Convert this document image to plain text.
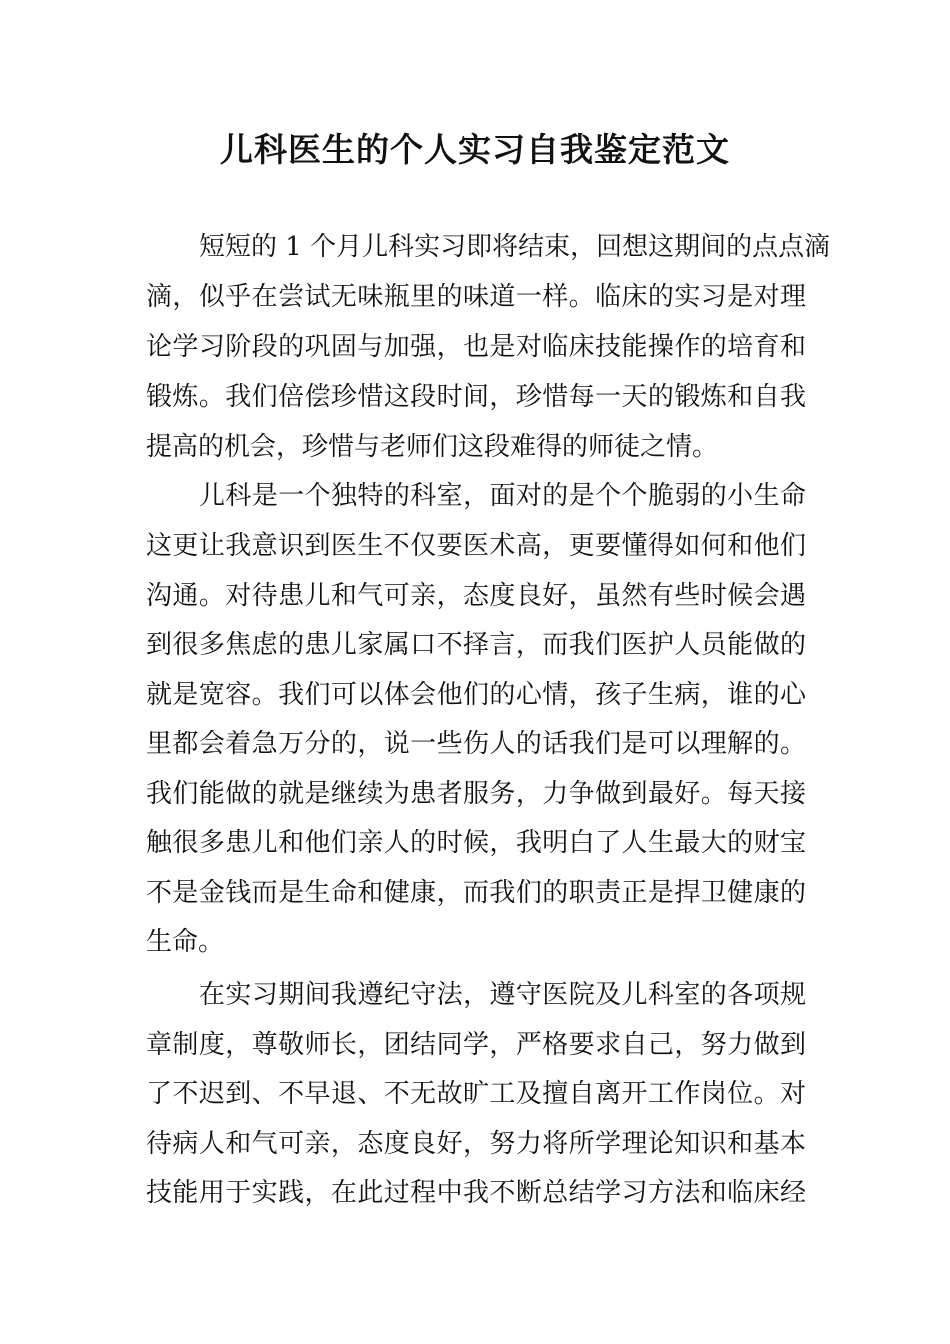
儿科医生的个人实习自我鉴定范文

短短的 1 个月儿科实习即将结束，回想这期间的点点滴

滴，似乎在尝试无味瓶里的味道一样。临床的实习是对理

论学习阶段的巩固与加强，也是对临床技能操作的培育和

锻炼。我们倍偿珍惜这段时间，珍惜每一天的锻炼和自我

提高的机会，珍惜与老师们这段难得的师徒之情。

儿科是一个独特的科室，面对的是个个脆弱的小生命

这更让我意识到医生不仅要医术高，更要懂得如何和他们

沟通。对待患儿和气可亲，态度良好，虽然有些时候会遇

到很多焦虑的患儿家属口不择言，而我们医护人员能做的

就是宽容。我们可以体会他们的心情，孩子生病，谁的心

里都会着急万分的，说一些伤人的话我们是可以理解的。

我们能做的就是继续为患者服务，力争做到最好。每天接

触很多患儿和他们亲人的时候，我明白了人生最大的财宝

不是金钱而是生命和健康，而我们的职责正是捍卫健康的

生命。

在实习期间我遵纪守法，遵守医院及儿科室的各项规

章制度，尊敬师长，团结同学，严格要求自己，努力做到

了不迟到、不早退、不无故旷工及擅自离开工作岗位。对

待病人和气可亲，态度良好，努力将所学理论知识和基本

技能用于实践，在此过程中我不断总结学习方法和临床经
